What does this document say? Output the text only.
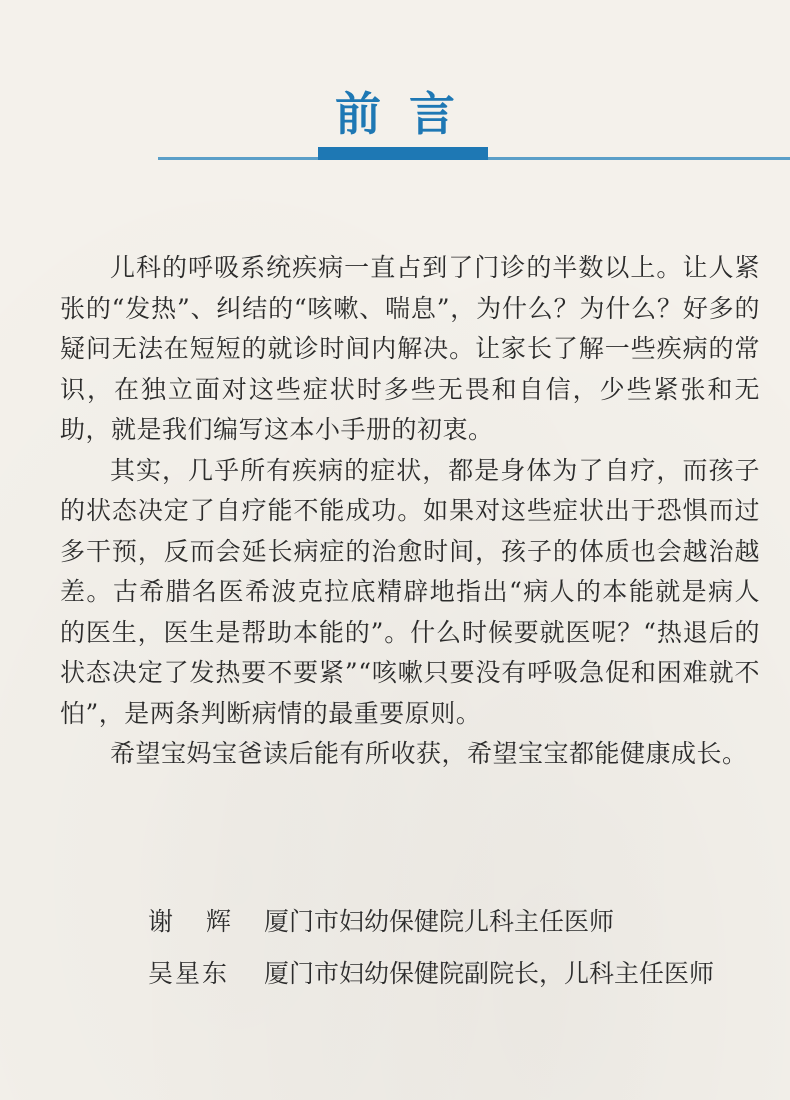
前言

儿科的呼吸系统疾病一直占到了门诊的半数以上。让人紧张的“发热”、纠结的“咳嗽、喘息”，为什么？为什么？好多的疑问无法在短短的就诊时间内解决。让家长了解一些疾病的常识，在独立面对这些症状时多些无畏和自信，少些紧张和无助，就是我们编写这本小手册的初衷。

其实，几乎所有疾病的症状，都是身体为了自疗，而孩子的状态决定了自疗能不能成功。如果对这些症状出于恐惧而过多干预，反而会延长病症的治愈时间，孩子的体质也会越治越差。古希腊名医希波克拉底精辟地指出“病人的本能就是病人的医生，医生是帮助本能的”。什么时候要就医呢？“热退后的状态决定了发热要不要紧”“咳嗽只要没有呼吸急促和困难就不怕”，是两条判断病情的最重要原则。

希望宝妈宝爸读后能有所收获，希望宝宝都能健康成长。

谢辉 厦门市妇幼保健院儿科主任医师
吴星东 厦门市妇幼保健院副院长，儿科主任医师
